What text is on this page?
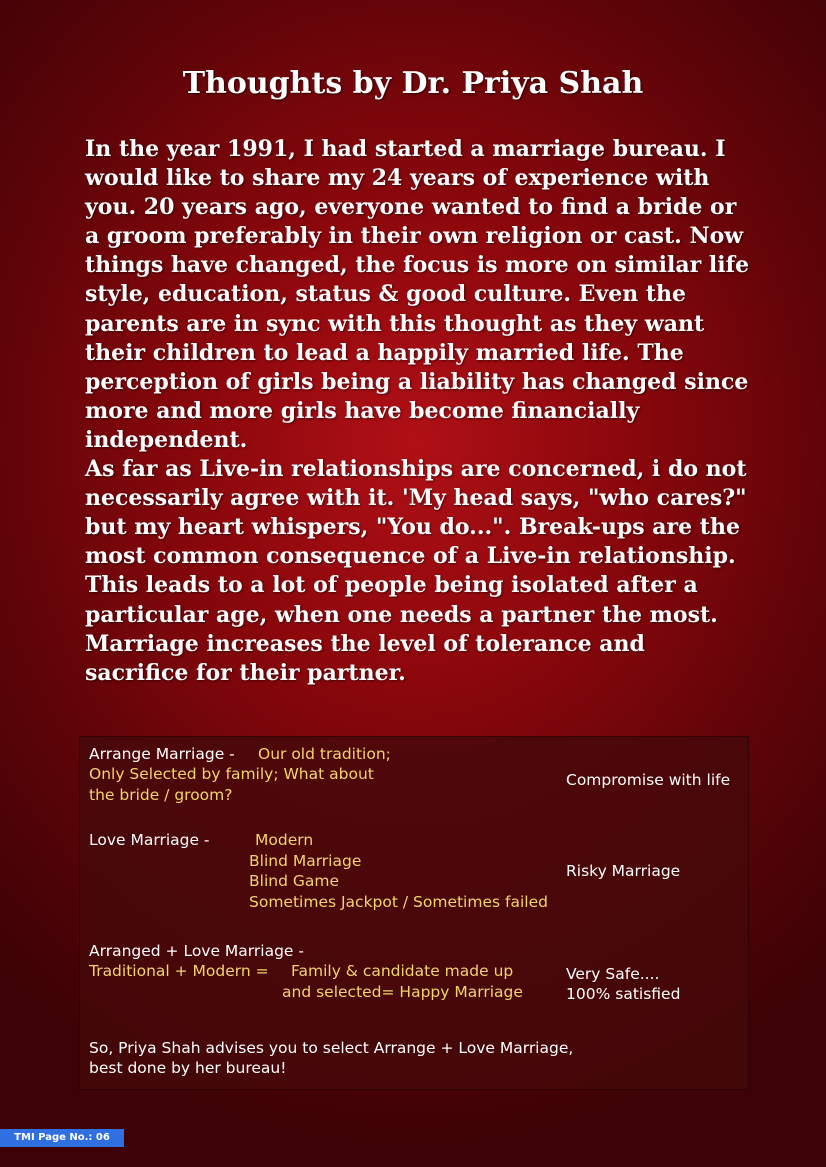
Thoughts by Dr. Priya Shah

In the year 1991, I had started a marriage bureau. I would like to share my 24 years of experience with you. 20 years ago, everyone wanted to find a bride or a groom preferably in their own religion or cast. Now things have changed, the focus is more on similar life style, education, status & good culture. Even the parents are in sync with this thought as they want their children to lead a happily married life. The perception of girls being a liability has changed since more and more girls have become financially independent.

As far as Live-in relationships are concerned, i do not necessarily agree with it. 'My head says, "who cares?" but my heart whispers, "You do...". Break-ups are the most common consequence of a Live-in relationship. This leads to a lot of people being isolated after a particular age, when one needs a partner the most. Marriage increases the level of tolerance and sacrifice for their partner.

Arrange Marriage - Our old tradition;
Only Selected by family; What about
the bride / groom?
Compromise with life
Love Marriage -	Modern
Blind Marriage
Blind Game
Sometimes Jackpot / Sometimes failed
Risky Marriage
Arranged + Love Marriage -
Traditional + Modern = Family & candidate made up
and selected= Happy Marriage
Very Safe....
100% satisfied
So, Priya Shah advises you to select Arrange + Love Marriage,
best done by her bureau!
TMI Page No.: 06
